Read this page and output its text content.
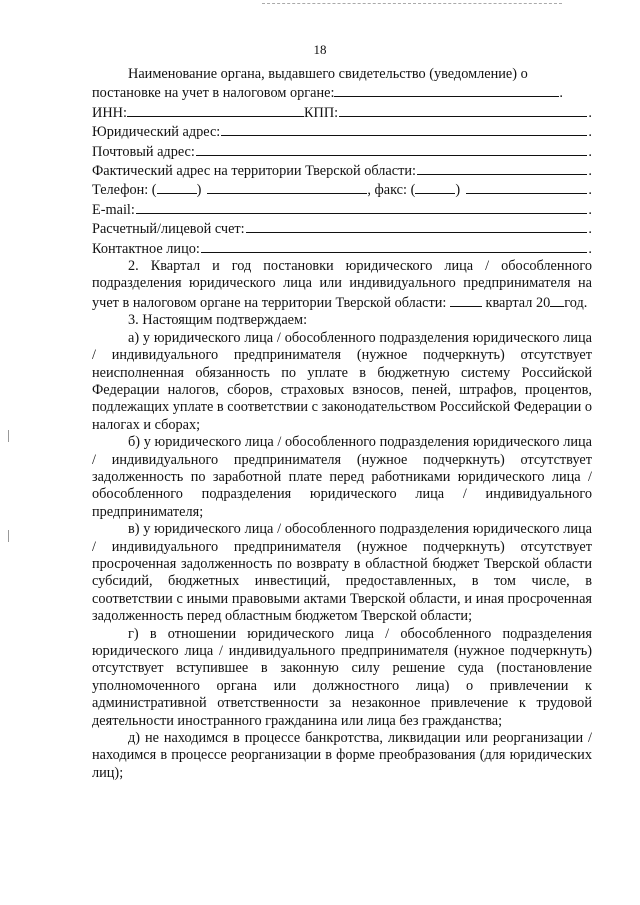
18

Наименование органа, выдавшего свидетельство (уведомление) о

постановке на учет в налоговом органе:	.
ИНН:	КПП:	.
Юридический адрес:	.
Почтовый адрес:	.
Фактический адрес на территории Тверской области:	.
Телефон: (	)	, факс: (	)	.
E-mail:	.
Расчетный/лицевой счет:	.
Контактное лицо:	.

2. Квартал и год постановки юридического лица / обособленного подразделения юридического лица или индивидуального предпринимателя на учет в налоговом органе на территории Тверской области:	квартал 20 год.

3. Настоящим подтверждаем:

а) у юридического лица / обособленного подразделения юридического лица / индивидуального предпринимателя (нужное подчеркнуть) отсутствует неисполненная обязанность по уплате в бюджетную систему Российской Федерации налогов, сборов, страховых взносов, пеней, штрафов, процентов, подлежащих уплате в соответствии с законодательством Российской Федерации о налогах и сборах;

б) у юридического лица / обособленного подразделения юридического лица / индивидуального предпринимателя (нужное подчеркнуть) отсутствует задолженность по заработной плате перед работниками юридического лица / обособленного подразделения юридического лица / индивидуального предпринимателя;

в) у юридического лица / обособленного подразделения юридического лица / индивидуального предпринимателя (нужное подчеркнуть) отсутствует просроченная задолженность по возврату в областной бюджет Тверской области субсидий, бюджетных инвестиций, предоставленных, в том числе, в соответствии с иными правовыми актами Тверской области, и иная просроченная задолженность перед областным бюджетом Тверской области;

г) в отношении юридического лица / обособленного подразделения юридического лица / индивидуального предпринимателя (нужное подчеркнуть) отсутствует вступившее в законную силу решение суда (постановление уполномоченного органа или должностного лица) о привлечении к административной ответственности за незаконное привлечение к трудовой деятельности иностранного гражданина или лица без гражданства;

д) не находимся в процессе банкротства, ликвидации или реорганизации / находимся в процессе реорганизации в форме преобразования (для юридических лиц);
